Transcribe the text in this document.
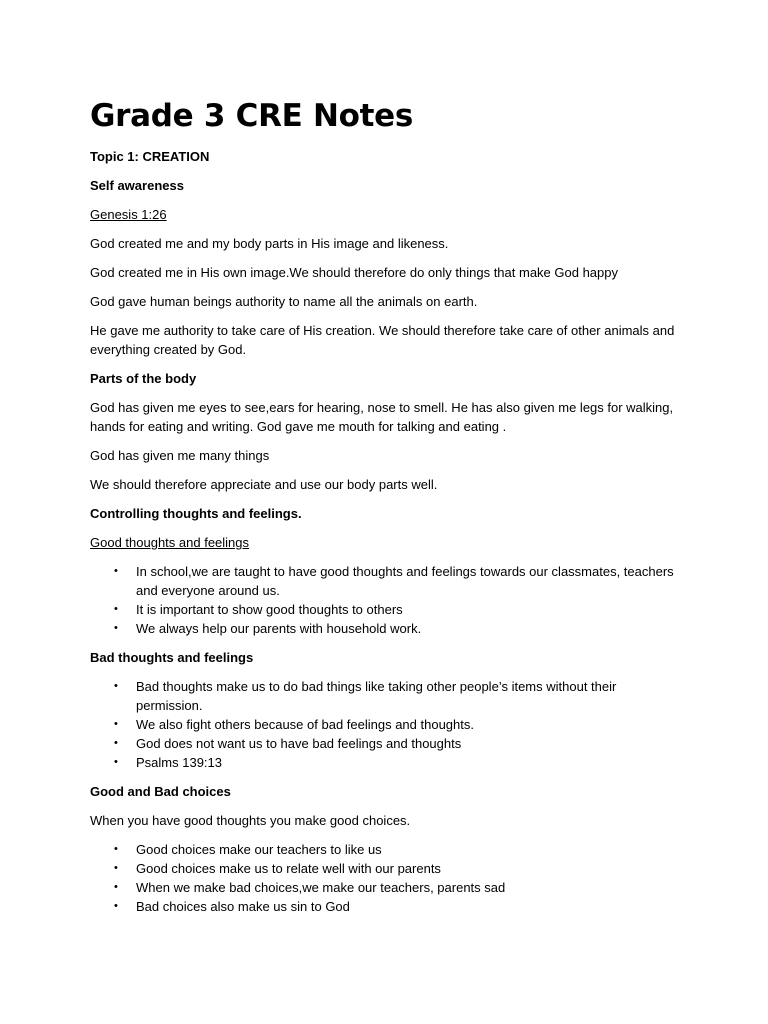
Grade 3 CRE Notes

Topic 1: CREATION

Self awareness

Genesis 1:26

God created me and my body parts in His image and likeness.

God created me in His own image.We should therefore do only things that make God happy

God gave human beings authority to name all the animals on earth.

He gave me authority to take care of His creation. We should therefore take care of other animals and everything created by God.

Parts of the body

God has given me eyes to see,ears for hearing, nose to smell. He has also given me legs for walking, hands for eating and writing. God gave me mouth for talking and eating .

God has given me many things

We should therefore appreciate and use our body parts well.

Controlling thoughts and feelings.

Good thoughts and feelings

• In school,we are taught to have good thoughts and feelings towards our classmates, teachers and everyone around us.
• It is important to show good thoughts to others
• We always help our parents with household work.

Bad thoughts and feelings

• Bad thoughts make us to do bad things like taking other people’s items without their permission.
• We also fight others because of bad feelings and thoughts.
• God does not want us to have bad feelings and thoughts
• Psalms 139:13

Good and Bad choices

When you have good thoughts you make good choices.

• Good choices make our teachers to like us
• Good choices make us to relate well with our parents
• When we make bad choices,we make our teachers, parents sad
• Bad choices also make us sin to God
